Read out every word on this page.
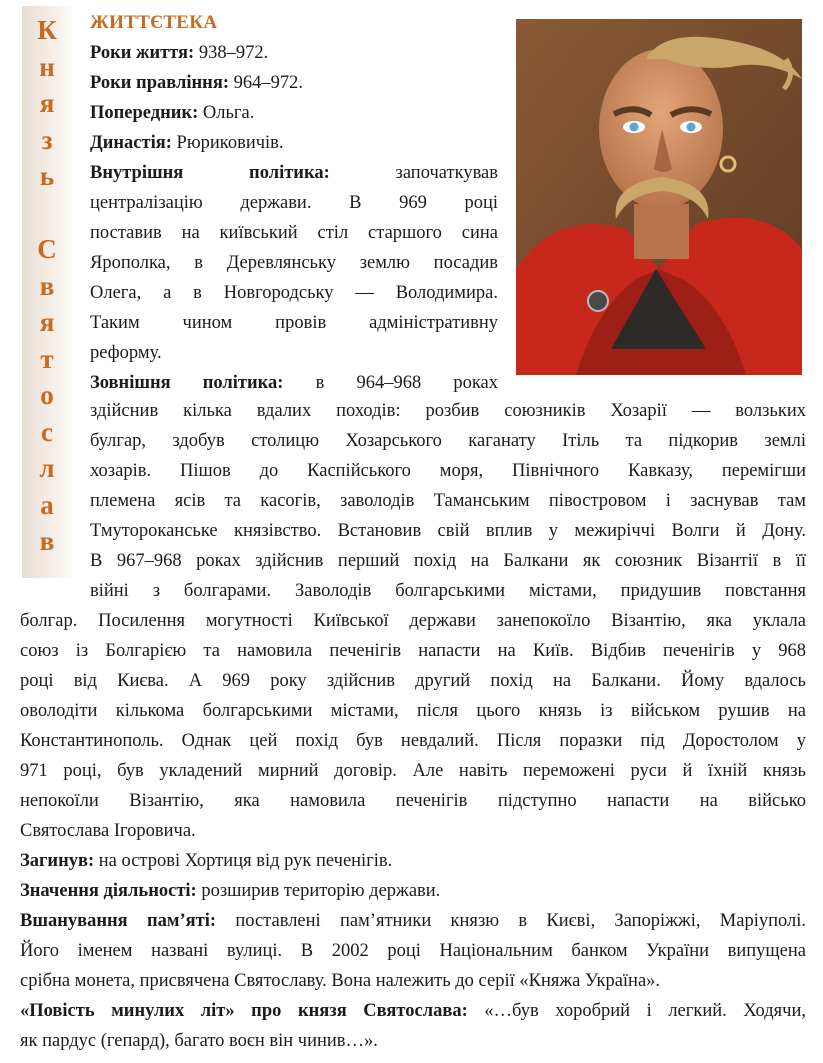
К
н
я
з
ь
С
в
я
т
о
с
л
а
в
ЖИТТЄТЕКА
Роки життя: 938–972.
Роки правління: 964–972.
Попередник: Ольга.
Династія: Рюриковичів.
Внутрішня політика: започаткував
централізацію держави. В 969 році
поставив на київський стіл старшого сина
Ярополка, в Деревлянську землю посадив
Олега, а в Новгородську — Володимира.
Таким чином провів адміністративну
реформу.
Зовнішня політика: в 964–968 роках
здійснив кілька вдалих походів: розбив союзників Хозарії — волзьких
булгар, здобув столицю Хозарського каганату Ітіль та підкорив землі
хозарів. Пішов до Каспійського моря, Північного Кавказу, перемігши
племена ясів та касогів, заволодів Таманським півостровом і заснував там
Тмутороканське князівство. Встановив свій вплив у межиріччі Волги й Дону.
В 967–968 роках здійснив перший похід на Балкани як союзник Візантії в її
війні з болгарами. Заволодів болгарськими містами, придушив повстання
болгар. Посилення могутності Київської держави занепокоїло Візантію, яка уклала
союз із Болгарією та намовила печенігів напасти на Київ. Відбив печенігів у 968
році від Києва. А 969 року здійснив другий похід на Балкани. Йому вдалось
оволодіти кількома болгарськими містами, після цього князь із військом рушив на
Константинополь. Однак цей похід був невдалий. Після поразки під Доростолом у
971 році, був укладений мирний договір. Але навіть переможені руси й їхній князь
непокоїли Візантію, яка намовила печенігів підступно напасти на військо
Святослава Ігоровича.
Загинув: на острові Хортиця від рук печенігів.
Значення діяльності: розширив територію держави.
Вшанування пам’яті: поставлені пам’ятники князю в Києві, Запоріжжі, Маріуполі.
Його іменем названі вулиці. В 2002 році Національним банком України випущена
срібна монета, присвячена Святославу. Вона належить до серії «Княжа Україна».
«Повість минулих літ» про князя Святослава: «…був хоробрий і легкий. Ходячи,
як пардус (гепард), багато воєн він чинив…».
